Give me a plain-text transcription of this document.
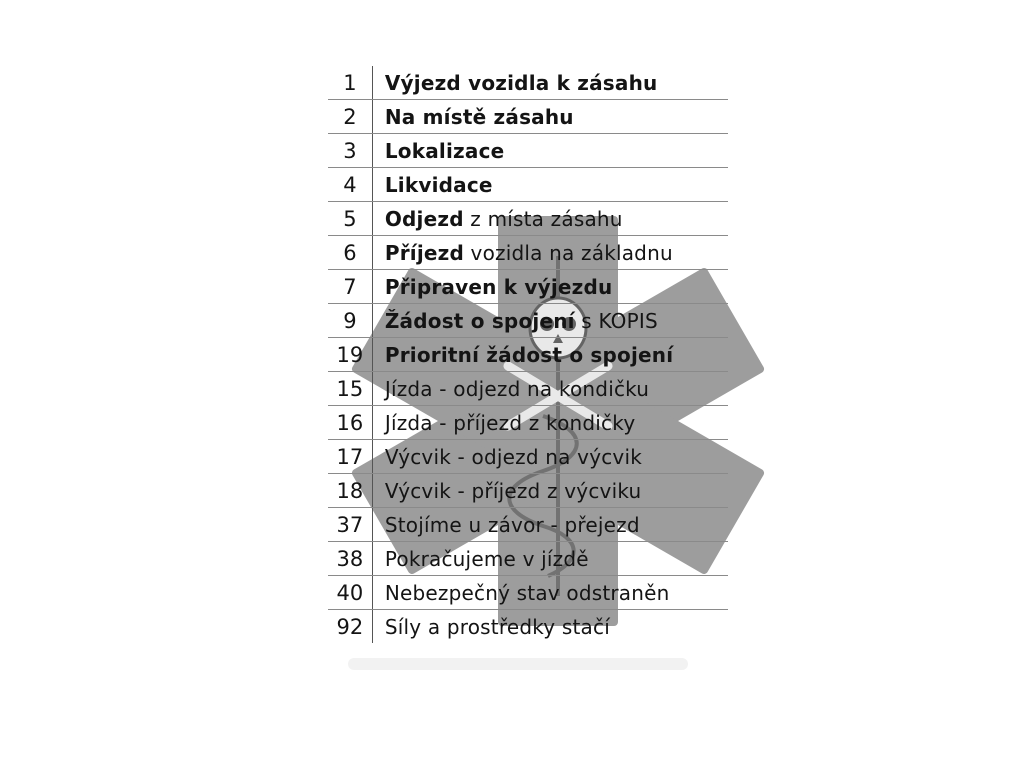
1	Výjezd vozidla k zásahu
2	Na místě zásahu
3	Lokalizace
4	Likvidace
5	Odjezd z místa zásahu
6	Příjezd vozidla na základnu
7	Připraven k výjezdu
9	Žádost o spojení s KOPIS
19	Prioritní žádost o spojení
15	Jízda - odjezd na kondičku
16	Jízda - příjezd z kondičky
17	Výcvik - odjezd na výcvik
18	Výcvik - příjezd z výcviku
37	Stojíme u závor - přejezd
38	Pokračujeme v jízdě
40	Nebezpečný stav odstraněn
92	Síly a prostředky stačí
